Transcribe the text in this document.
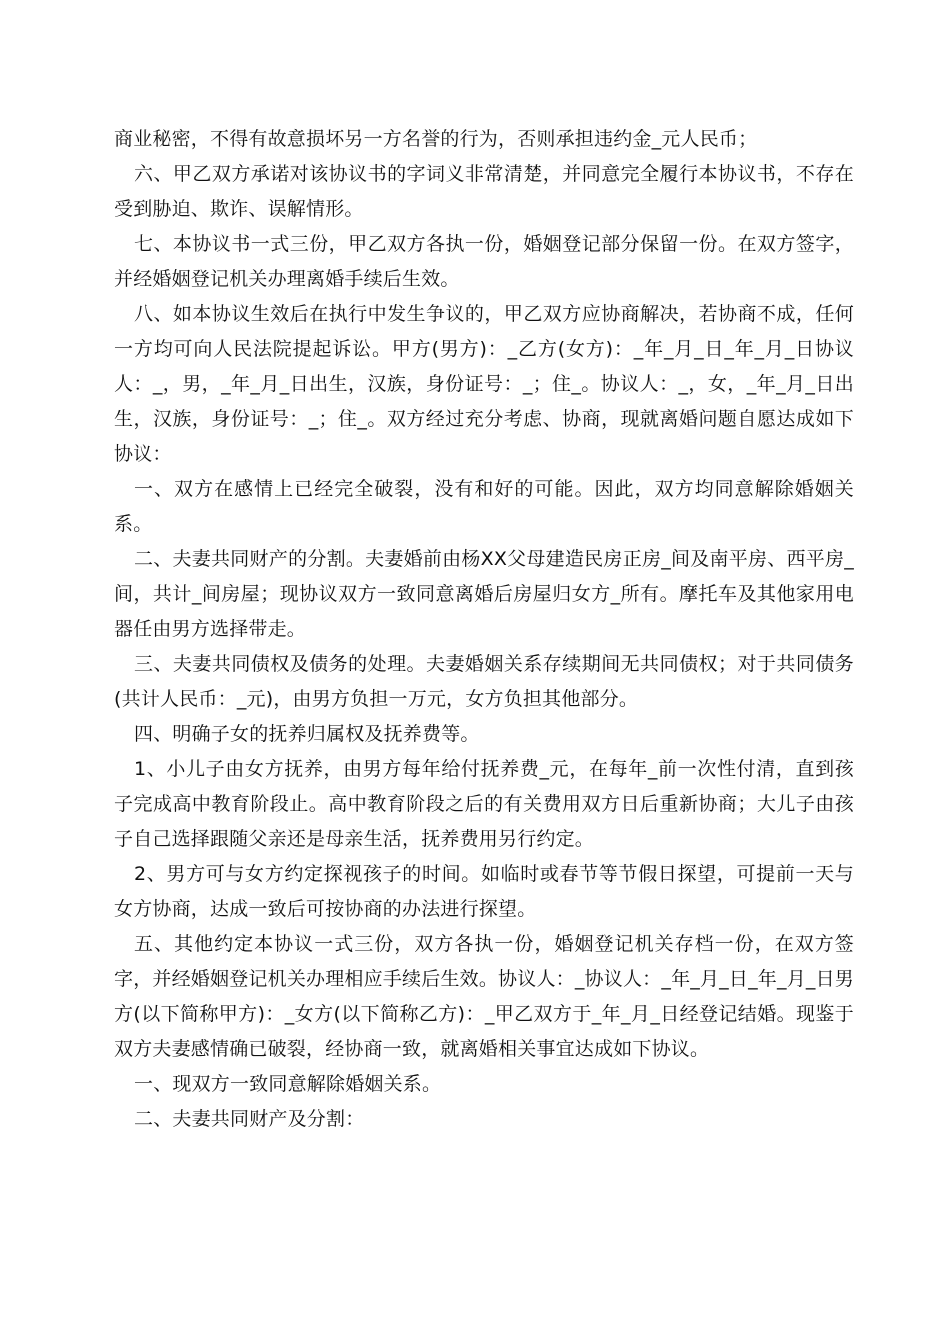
商业秘密，不得有故意损坏另一方名誉的行为，否则承担违约金_元人民币；

六、甲乙双方承诺对该协议书的字词义非常清楚，并同意完全履行本协议书，不存在受到胁迫、欺诈、误解情形。

七、本协议书一式三份，甲乙双方各执一份，婚姻登记部分保留一份。在双方签字，并经婚姻登记机关办理离婚手续后生效。

八、如本协议生效后在执行中发生争议的，甲乙双方应协商解决，若协商不成，任何一方均可向人民法院提起诉讼。甲方(男方)：_乙方(女方)：_年_月_日_年_月_日协议人：_，男，_年_月_日出生，汉族，身份证号：_；住_。协议人：_，女，_年_月_日出生，汉族，身份证号：_；住_。双方经过充分考虑、协商，现就离婚问题自愿达成如下协议：

一、双方在感情上已经完全破裂，没有和好的可能。因此，双方均同意解除婚姻关系。

二、夫妻共同财产的分割。夫妻婚前由杨XX父母建造民房正房_间及南平房、西平房_间，共计_间房屋；现协议双方一致同意离婚后房屋归女方_所有。摩托车及其他家用电器任由男方选择带走。

三、夫妻共同债权及债务的处理。夫妻婚姻关系存续期间无共同债权；对于共同债务(共计人民币：_元)，由男方负担一万元，女方负担其他部分。

四、明确子女的抚养归属权及抚养费等。

1、小儿子由女方抚养，由男方每年给付抚养费_元，在每年_前一次性付清，直到孩子完成高中教育阶段止。高中教育阶段之后的有关费用双方日后重新协商；大儿子由孩子自己选择跟随父亲还是母亲生活，抚养费用另行约定。

2、男方可与女方约定探视孩子的时间。如临时或春节等节假日探望，可提前一天与女方协商，达成一致后可按协商的办法进行探望。

五、其他约定本协议一式三份，双方各执一份，婚姻登记机关存档一份，在双方签字，并经婚姻登记机关办理相应手续后生效。协议人：_协议人：_年_月_日_年_月_日男方(以下简称甲方)：_女方(以下简称乙方)：_甲乙双方于_年_月_日经登记结婚。现鉴于双方夫妻感情确已破裂，经协商一致，就离婚相关事宜达成如下协议。

一、现双方一致同意解除婚姻关系。

二、夫妻共同财产及分割：
